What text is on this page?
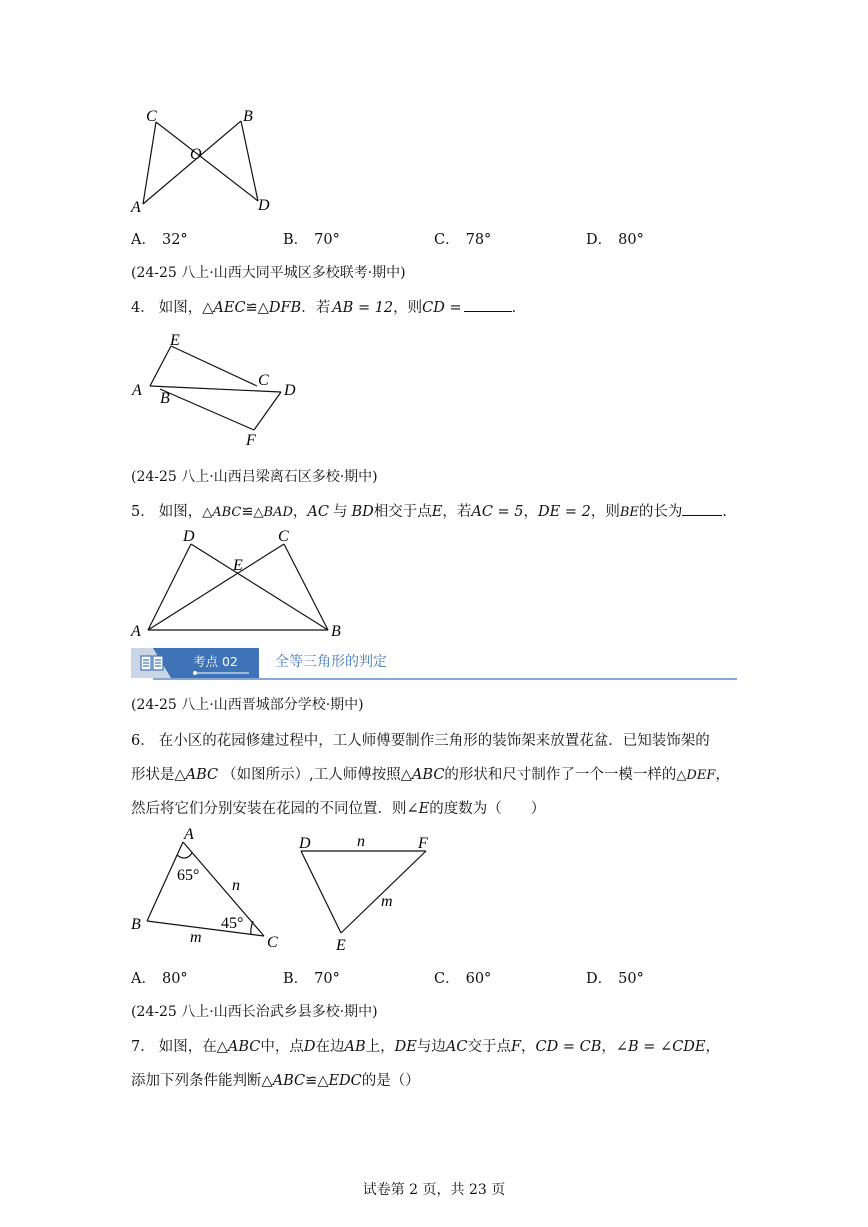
C	B
O
A	D
A． 32°	B． 70°	C． 78°	D． 80°
(24-25 八上·山西大同平城区多校联考·期中)
4． 如图，△AEC≌△DFB．若 AB = 12，则CD =	．
E
A B
C
D
F
(24-25 八上·山西吕梁离石区多校·期中)
5． 如图，△ABC≌△BAD，AC 与 BD相交于点E，若AC = 5，DE = 2，则BE的长为	．
D	C
E
A	B
考点 02	全等三角形的判定
(24-25 八上·山西晋城部分学校·期中)
6． 在小区的花园修建过程中，工人师傅要制作三角形的装饰架来放置花盆．已知装饰架的
形状是△ABC （如图所示）,工人师傅按照△ABC的形状和尺寸制作了一个一模一样的△DEF，
然后将它们分别安装在花园的不同位置．则∠E的度数为（　　）
A
B
C
n
m
65°
45°
D
E
F
n
m
A． 80°	B． 70°	C． 60°	D． 50°
(24-25 八上·山西长治武乡县多校·期中)
7． 如图，在△ABC中，点D在边AB上，DE与边AC交于点F，CD = CB，∠B = ∠CDE，
添加下列条件能判断△ABC≌△EDC的是（）
试卷第 2 页，共 23 页
